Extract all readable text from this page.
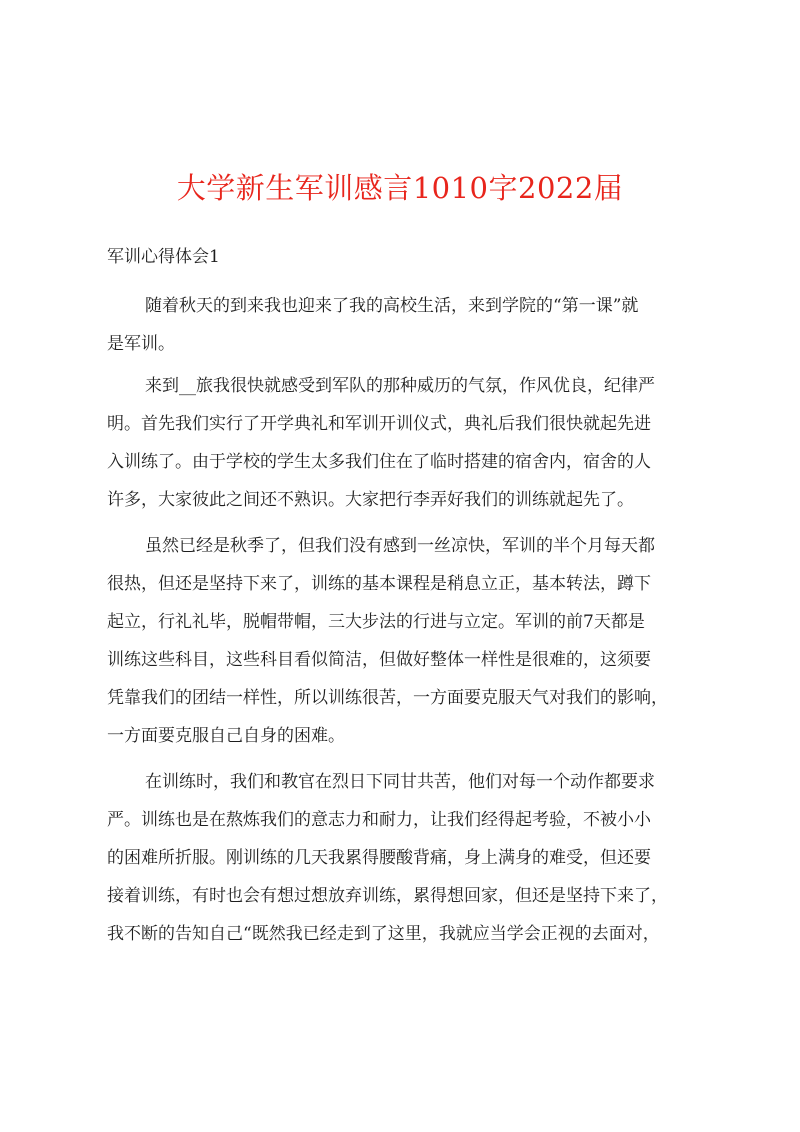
大学新生军训感言1010字2022届
军训心得体会1
随着秋天的到来我也迎来了我的高校生活，来到学院的“第一课”就
是军训。
来到__旅我很快就感受到军队的那种威历的气氛，作风优良，纪律严
明。首先我们实行了开学典礼和军训开训仪式，典礼后我们很快就起先进
入训练了。由于学校的学生太多我们住在了临时搭建的宿舍内，宿舍的人
许多，大家彼此之间还不熟识。大家把行李弄好我们的训练就起先了。
虽然已经是秋季了，但我们没有感到一丝凉快，军训的半个月每天都
很热，但还是坚持下来了，训练的基本课程是稍息立正，基本转法，蹲下
起立，行礼礼毕，脱帽带帽，三大步法的行进与立定。军训的前7天都是
训练这些科目，这些科目看似简洁，但做好整体一样性是很难的，这须要
凭靠我们的团结一样性，所以训练很苦，一方面要克服天气对我们的影响，
一方面要克服自己自身的困难。
在训练时，我们和教官在烈日下同甘共苦，他们对每一个动作都要求
严。训练也是在熬炼我们的意志力和耐力，让我们经得起考验，不被小小
的困难所折服。刚训练的几天我累得腰酸背痛，身上满身的难受，但还要
接着训练，有时也会有想过想放弃训练，累得想回家，但还是坚持下来了，
我不断的告知自己“既然我已经走到了这里，我就应当学会正视的去面对，
